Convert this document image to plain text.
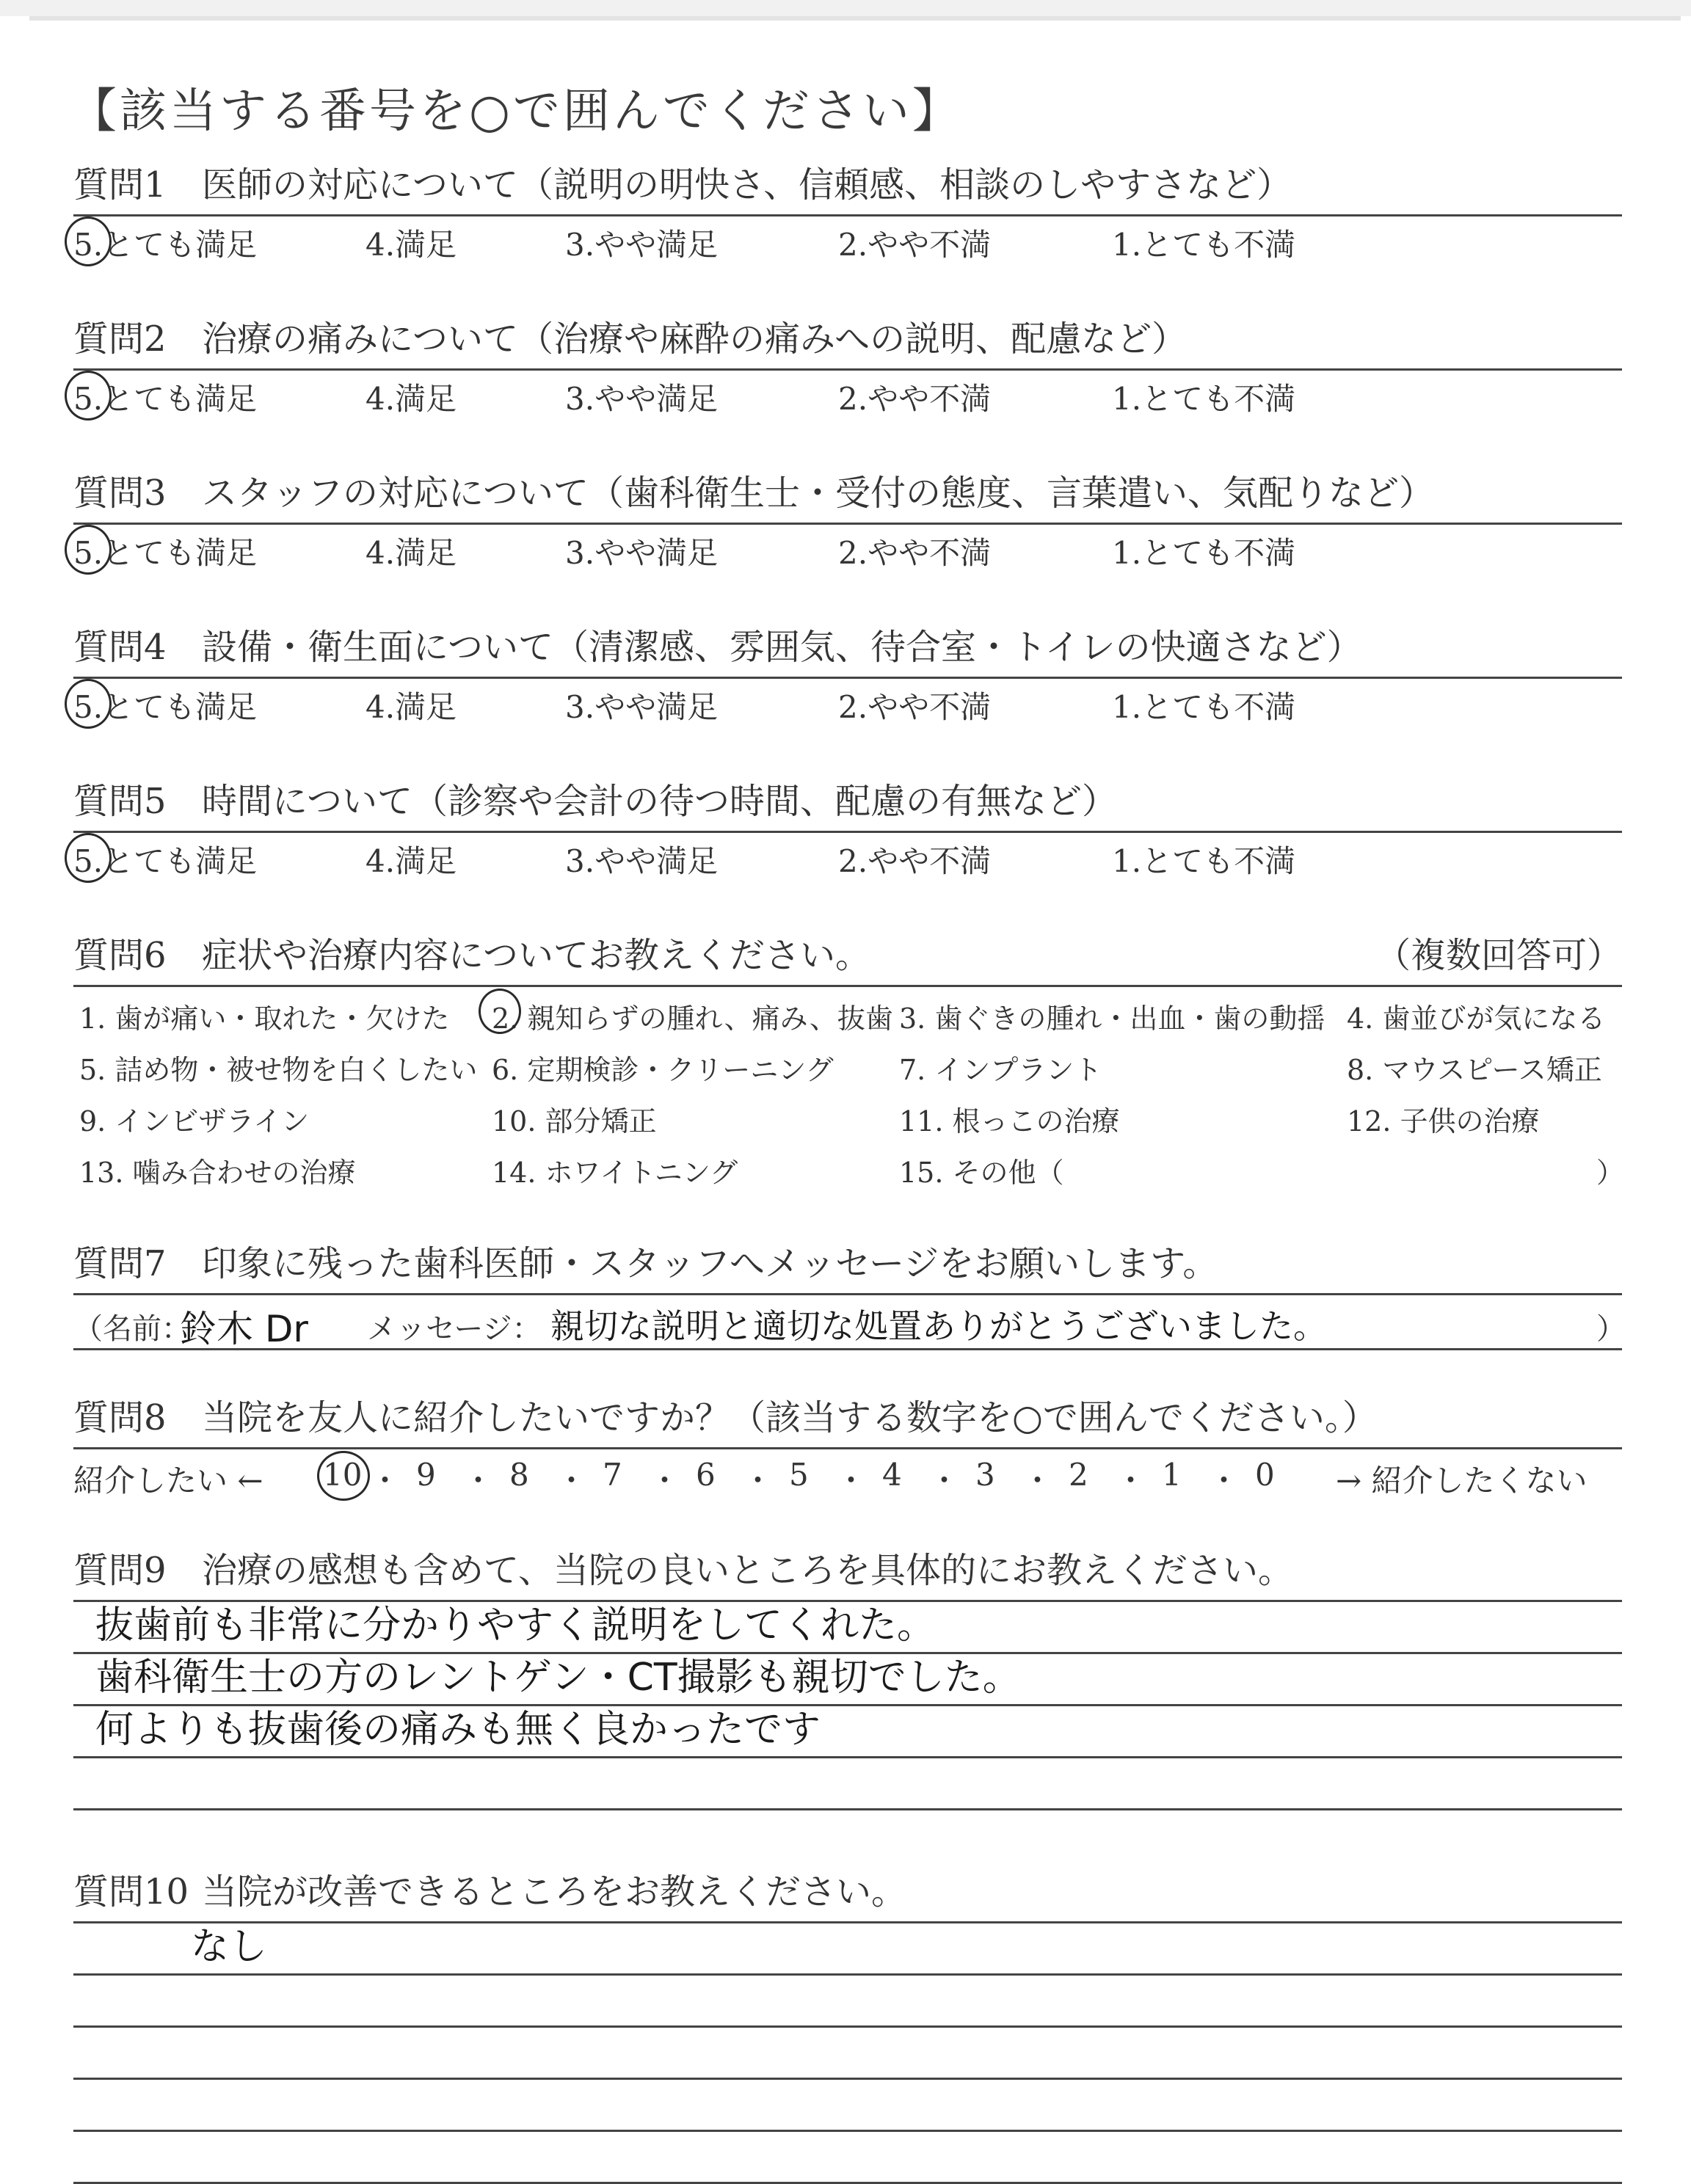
【該当する番号を○で囲んでください】
質問1	医師の対応について（説明の明快さ、信頼感、相談のしやすさなど）
5.とても満足	4.満足	3.やや満足	2.やや不満	1.とても不満
質問2	治療の痛みについて（治療や麻酔の痛みへの説明、配慮など）
5.とても満足	4.満足	3.やや満足	2.やや不満	1.とても不満
質問3	スタッフの対応について（歯科衛生士・受付の態度、言葉遣い、気配りなど）
5.とても満足	4.満足	3.やや満足	2.やや不満	1.とても不満
質問4	設備・衛生面について（清潔感、雰囲気、待合室・トイレの快適さなど）
5.とても満足	4.満足	3.やや満足	2.やや不満	1.とても不満
質問5	時間について（診察や会計の待つ時間、配慮の有無など）
5.とても満足	4.満足	3.やや満足	2.やや不満	1.とても不満
質問6	症状や治療内容についてお教えください。	（複数回答可）
1. 歯が痛い・取れた・欠けた 2. 親知らずの腫れ、痛み、抜歯 3. 歯ぐきの腫れ・出血・歯の動揺 4. 歯並びが気になる
5. 詰め物・被せ物を白くしたい 6. 定期検診・クリーニング 7. インプラント	8. マウスピース矯正
9. インビザライン	10. 部分矯正	11. 根っこの治療	12. 子供の治療
13. 噛み合わせの治療	14. ホワイトニング	15. その他（	）
質問7	印象に残った歯科医師・スタッフへメッセージをお願いします。
（名前：
鈴木 Dr メッセージ： 親切な説明と適切な処置ありがとうございました。	）
質問8	当院を友人に紹介したいですか？（該当する数字を○で囲んでください。）
紹介したい ← 10 ・ 9 ・ 8 ・ 7 ・ 6 ・ 5 ・ 4 ・ 3 ・ 2 ・ 1 ・ 0 → 紹介したくない
質問9	治療の感想も含めて、当院の良いところを具体的にお教えください。
抜歯前も非常に分かりやすく説明をしてくれた。
歯科衛生士の方のレントゲン・CT撮影も親切でした。
何よりも抜歯後の痛みも無く良かったです
質問10 当院が改善できるところをお教えください。
なし
